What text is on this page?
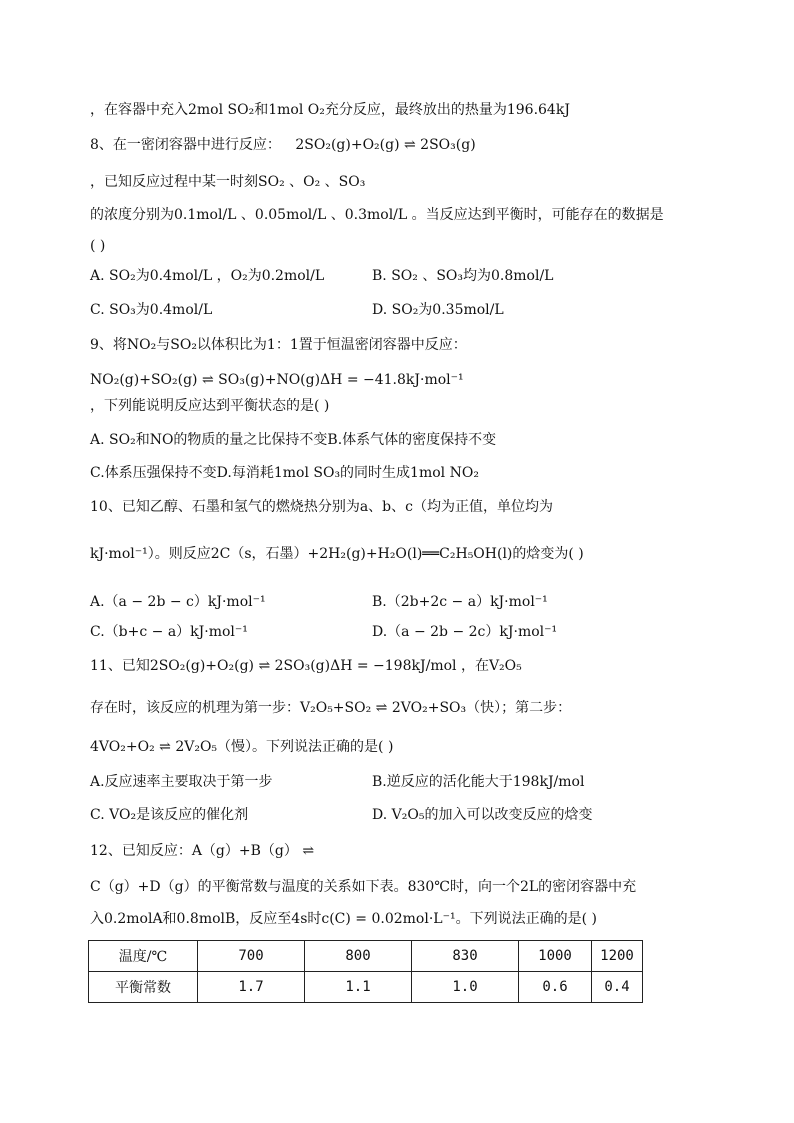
，在容器中充入2mol SO₂和1mol O₂充分反应，最终放出的热量为196.64kJ
8、在一密闭容器中进行反应： 2SO₂(g)+O₂(g) ⇌ 2SO₃(g)
，已知反应过程中某一时刻SO₂ 、O₂ 、SO₃
的浓度分别为0.1mol/L 、0.05mol/L 、0.3mol/L 。当反应达到平衡时，可能存在的数据是
( )
A. SO₂为0.4mol/L ，O₂为0.2mol/L	B. SO₂ 、SO₃均为0.8mol/L
C. SO₃为0.4mol/L	D. SO₂为0.35mol/L
9、将NO₂与SO₂以体积比为1：1置于恒温密闭容器中反应：
NO₂(g)+SO₂(g) ⇌ SO₃(g)+NO(g)ΔH = −41.8kJ·mol⁻¹
，下列能说明反应达到平衡状态的是( )
A. SO₂和NO的物质的量之比保持不变B.体系气体的密度保持不变
C.体系压强保持不变D.每消耗1mol SO₃的同时生成1mol NO₂
10、已知乙醇、石墨和氢气的燃烧热分别为a、b、c（均为正值，单位均为
kJ·mol⁻¹）。则反应2C（s，石墨）+2H₂(g)+H₂O(l)══C₂H₅OH(l)的焓变为( )
A.（a − 2b − c）kJ·mol⁻¹	B.（2b+2c − a）kJ·mol⁻¹
C.（b+c − a）kJ·mol⁻¹	D.（a − 2b − 2c）kJ·mol⁻¹
11、已知2SO₂(g)+O₂(g) ⇌ 2SO₃(g)ΔH = −198kJ/mol ，在V₂O₅
存在时，该反应的机理为第一步：V₂O₅+SO₂ ⇌ 2VO₂+SO₃（快）；第二步：
4VO₂+O₂ ⇌ 2V₂O₅（慢）。下列说法正确的是( )
A.反应速率主要取决于第一步	B.逆反应的活化能大于198kJ/mol
C. VO₂是该反应的催化剂	D. V₂O₅的加入可以改变反应的焓变
12、已知反应：A（g）+B（g） ⇌
C（g）+D（g）的平衡常数与温度的关系如下表。830℃时，向一个2L的密闭容器中充
入0.2molA和0.8molB，反应至4s时c(C) = 0.02mol·L⁻¹。下列说法正确的是( )
温度/℃	700	800	830	1000	1200
平衡常数	1.7	1.1	1.0	0.6	0.4
